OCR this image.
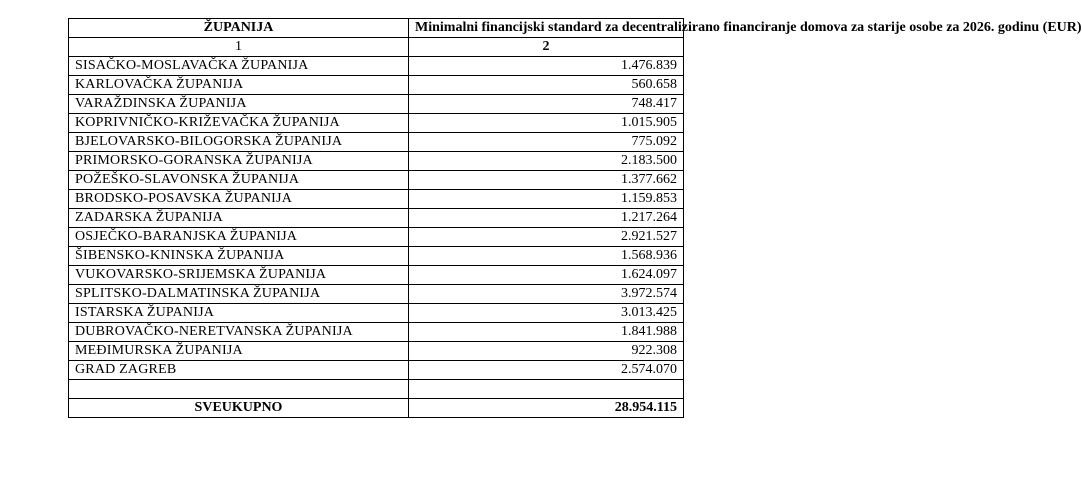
ŽUPANIJA	Minimalni financijski standard za decentralizirano financiranje domova za starije osobe za 2026. godinu (EUR)
1	2
SISAČKO-MOSLAVAČKA ŽUPANIJA	1.476.839
KARLOVAČKA ŽUPANIJA	560.658
VARAŽDINSKA ŽUPANIJA	748.417
KOPRIVNIČKO-KRIŽEVAČKA ŽUPANIJA	1.015.905
BJELOVARSKO-BILOGORSKA ŽUPANIJA	775.092
PRIMORSKO-GORANSKA ŽUPANIJA	2.183.500
POŽEŠKO-SLAVONSKA ŽUPANIJA	1.377.662
BRODSKO-POSAVSKA ŽUPANIJA	1.159.853
ZADARSKA ŽUPANIJA	1.217.264
OSJEČKO-BARANJSKA ŽUPANIJA	2.921.527
ŠIBENSKO-KNINSKA ŽUPANIJA	1.568.936
VUKOVARSKO-SRIJEMSKA ŽUPANIJA	1.624.097
SPLITSKO-DALMATINSKA ŽUPANIJA	3.972.574
ISTARSKA ŽUPANIJA	3.013.425
DUBROVAČKO-NERETVANSKA ŽUPANIJA	1.841.988
MEĐIMURSKA ŽUPANIJA	922.308
GRAD ZAGREB	2.574.070

SVEUKUPNO	28.954.115
